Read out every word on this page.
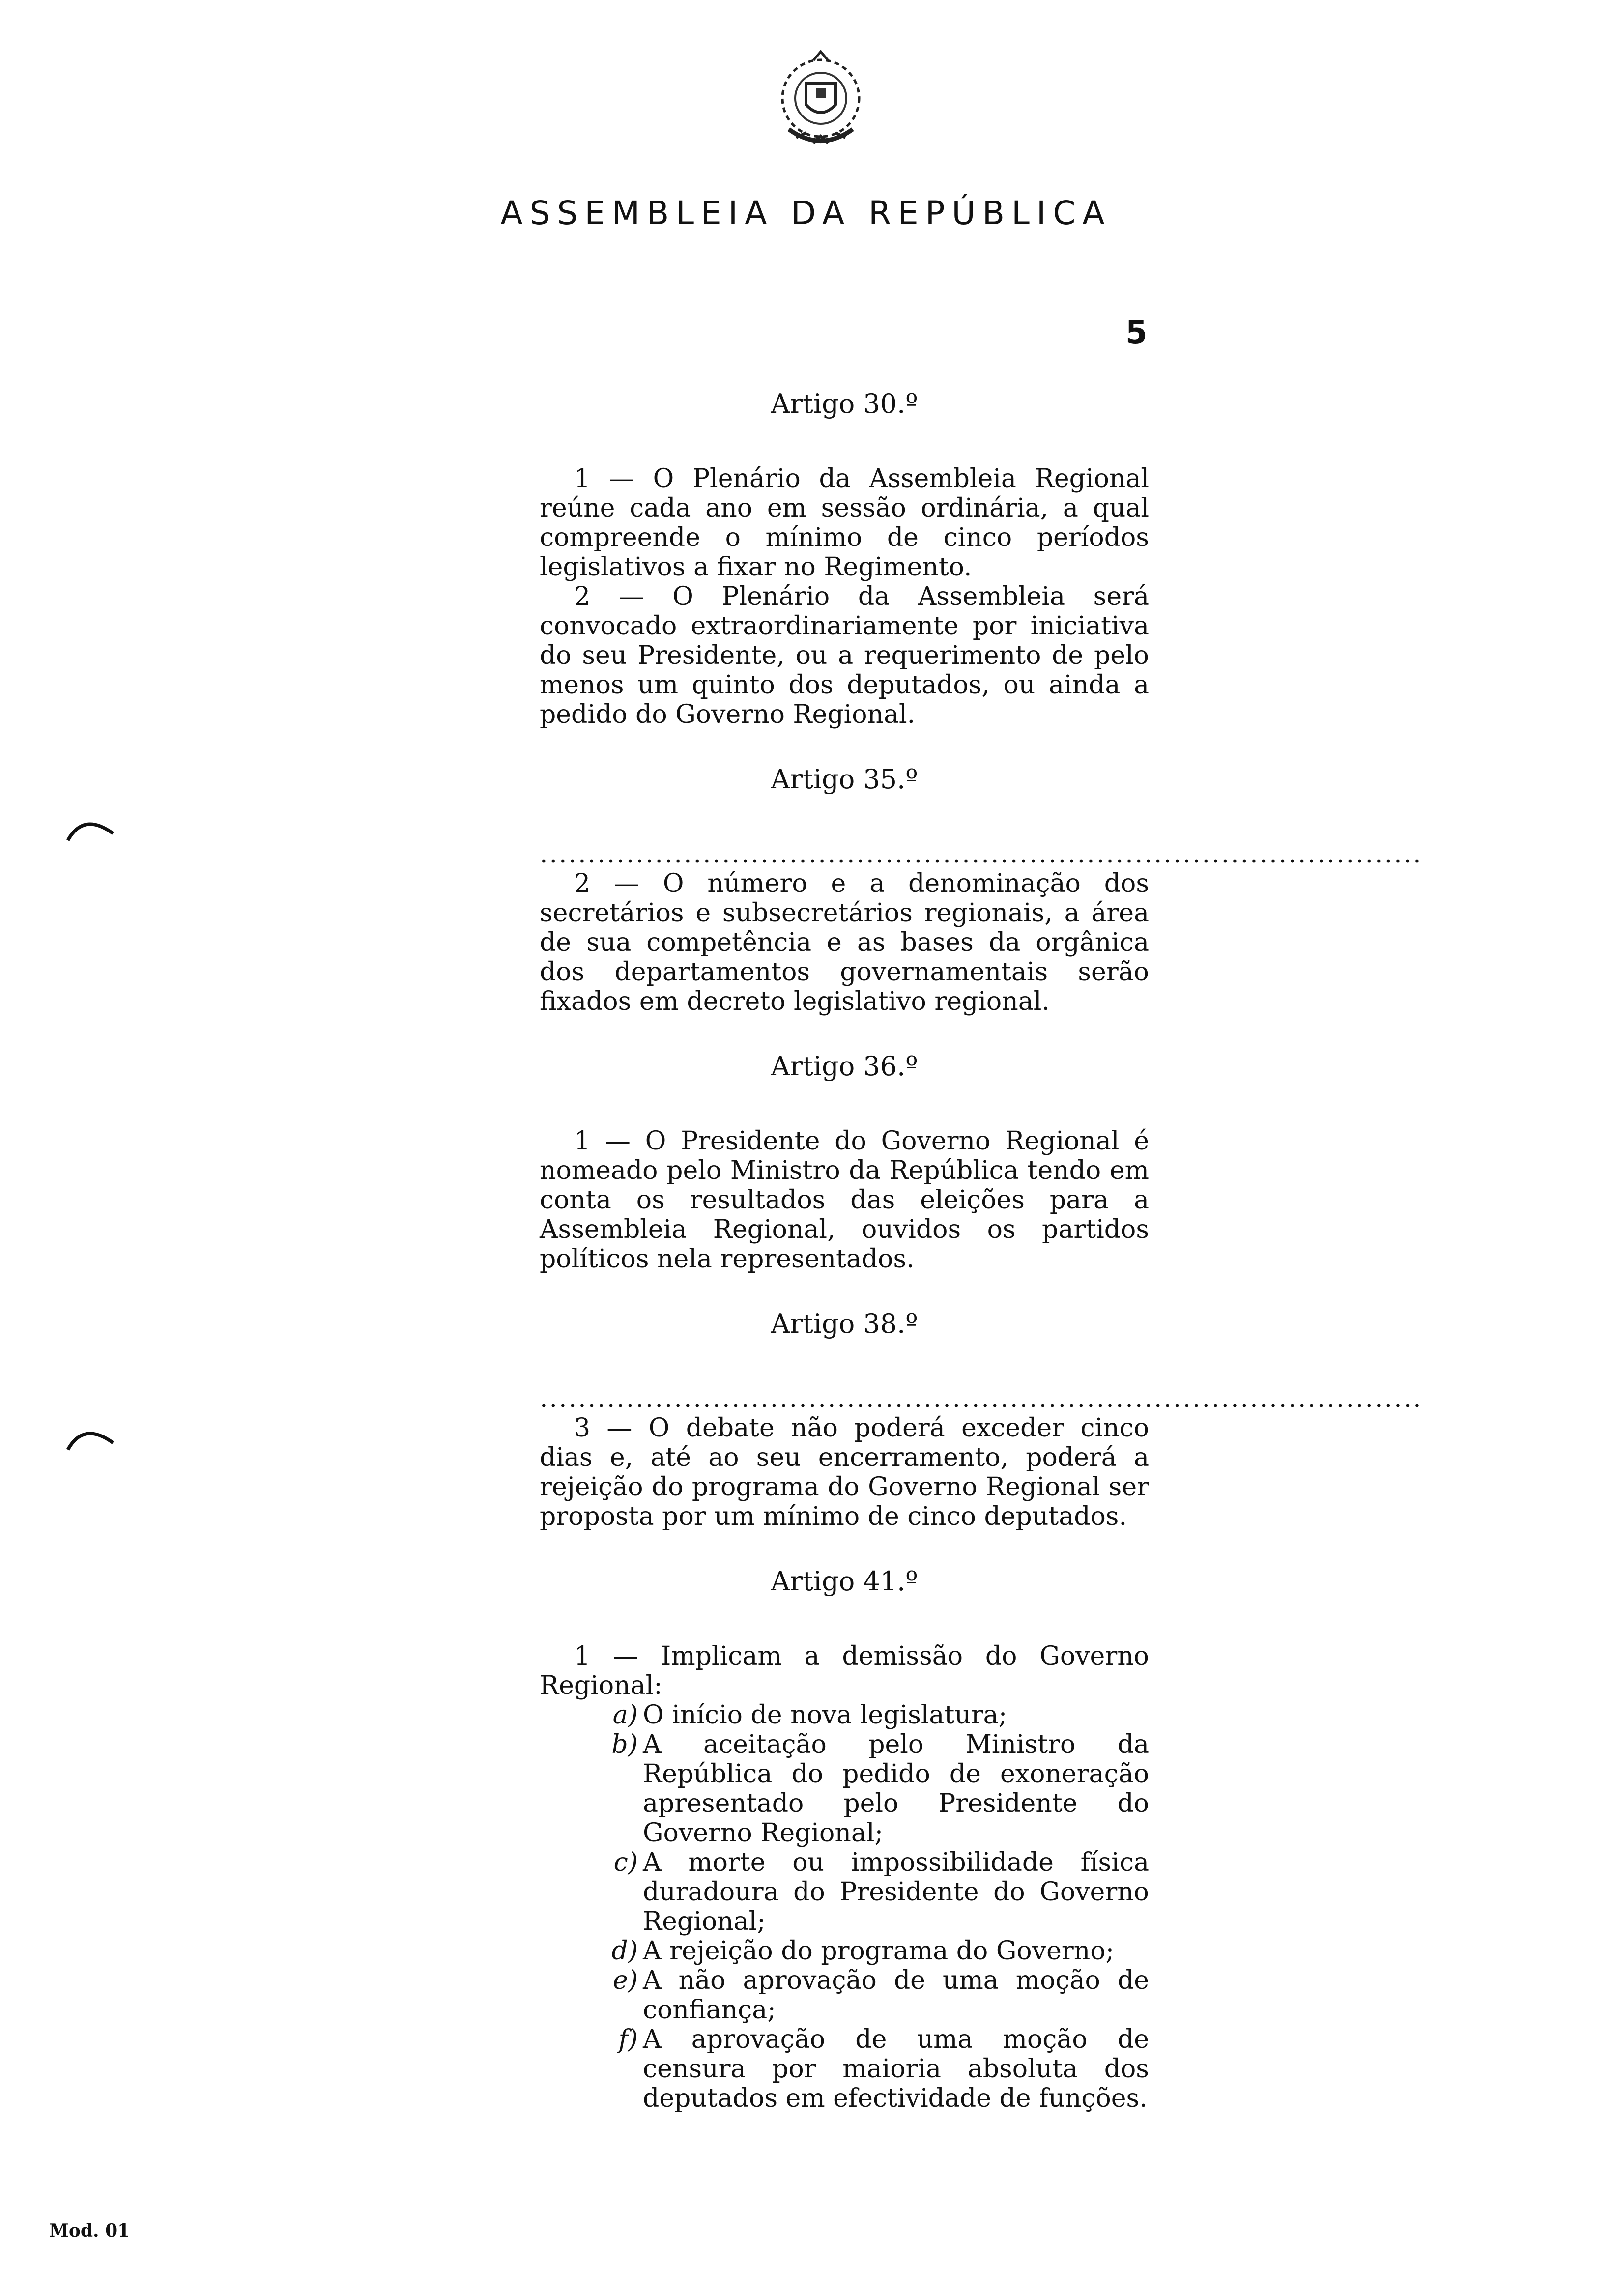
ASSEMBLEIA DA REPÚBLICA
5
Artigo 30.º

1 — O Plenário da Assembleia Regional reúne cada ano em sessão ordinária, a qual compreende o mínimo de cinco períodos legislativos a fixar no Regimento.

2 — O Plenário da Assembleia será convocado extraordinariamente por iniciativa do seu Presidente, ou a requerimento de pelo menos um quinto dos deputados, ou ainda a pedido do Governo Regional.

Artigo 35.º

............................................................................................

2 — O número e a denominação dos secretários e subsecretários regionais, a área de sua competência e as bases da orgânica dos departamentos governamentais serão fixados em decreto legislativo regional.

Artigo 36.º

1 — O Presidente do Governo Regional é nomeado pelo Ministro da República tendo em conta os resultados das eleições para a Assembleia Regional, ouvidos os partidos políticos nela representados.

Artigo 38.º

............................................................................................

3 — O debate não poderá exceder cinco dias e, até ao seu encerramento, poderá a rejeição do programa do Governo Regional ser proposta por um mínimo de cinco deputados.

Artigo 41.º

1 — Implicam a demissão do Governo Regional:

a) O início de nova legislatura;
b) A aceitação pelo Ministro da República do pedido de exoneração apresentado pelo Presidente do Governo Regional;
c) A morte ou impossibilidade física duradoura do Presidente do Governo Regional;
d) A rejeição do programa do Governo;
e) A não aprovação de uma moção de confiança;
f) A aprovação de uma moção de censura por maioria absoluta dos deputados em efectividade de funções.
Mod. 01
